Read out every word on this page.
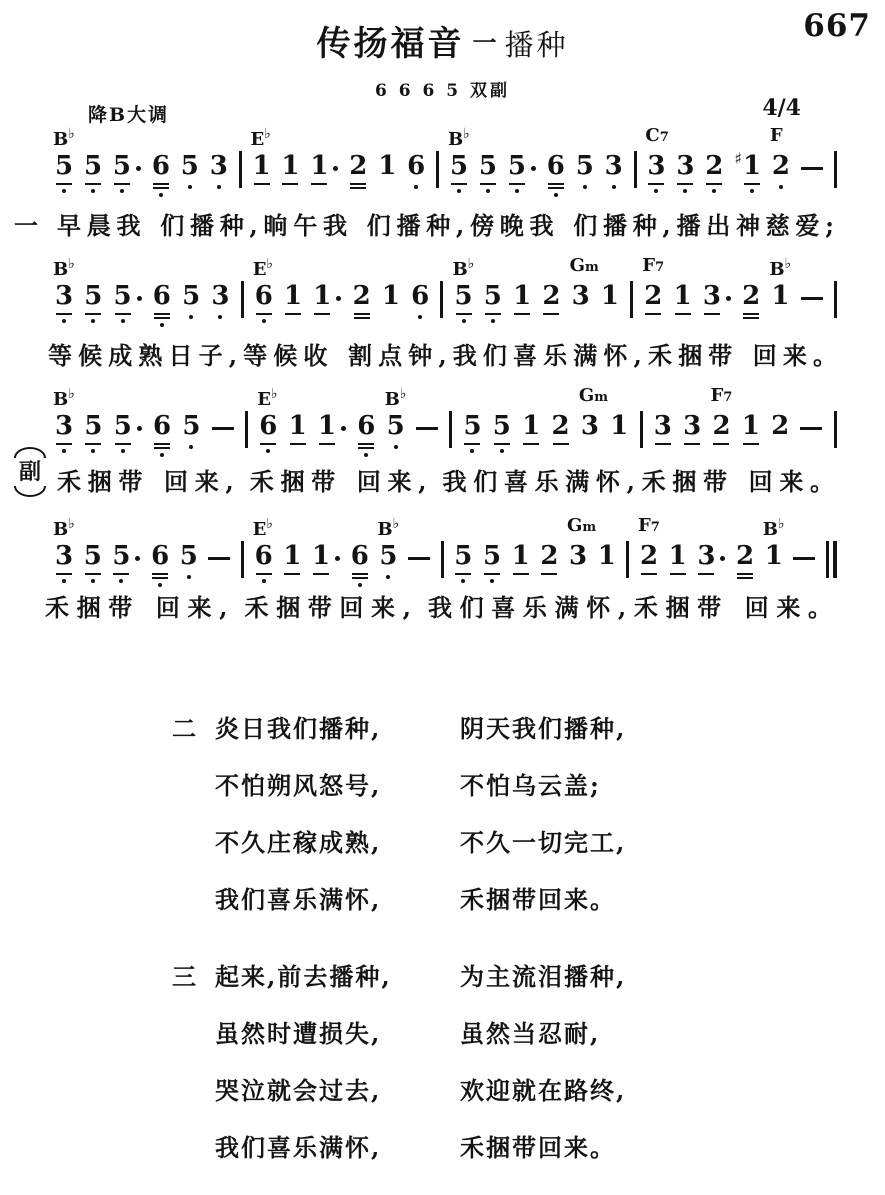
667
传扬福音 一 播种
6 6 6 5 双副
降B大调	4/4
B♭
5 5 5 6 5 3
E♭
1 1 1 2 1 6
B♭
5 5 5 6 5 3
C7
3 3 2 ♯ 1
F
2
B♭
3 5 5 6 5 3
E♭
6 1 1 2 1 6
B♭
5 5 1 2
Gm
3 1
F7
2 1 3 2
B♭
1
B♭
3 5 5 6 5
E♭
6 1 1 6
B♭
5 5 5 1 2
Gm
3 1 3 3
F7
2 1 2
B♭
3 5 5 6 5
E♭
6 1 1 6
B♭
5 5 5 1 2
Gm
3 1
F7
2 1 3 2
B♭
1
一 早晨我 们播种,晌午我 们播种,傍晚我 们播种,播出神慈爱;
等候成熟日子,等候收 割点钟,我们喜乐满怀,禾捆带 回来。
副 禾捆带 回来, 禾捆带 回来, 我们喜乐满怀,禾捆带 回来。
禾捆带 回来, 禾捆带回来, 我们喜乐满怀,禾捆带 回来。
二 炎日我们播种,	阴天我们播种,
不怕朔风怒号,	不怕乌云盖;
不久庄稼成熟,	不久一切完工,
我们喜乐满怀,	禾捆带回来。
三 起来,前去播种,	为主流泪播种,
虽然时遭损失,	虽然当忍耐,
哭泣就会过去,	欢迎就在路终,
我们喜乐满怀,	禾捆带回来。
